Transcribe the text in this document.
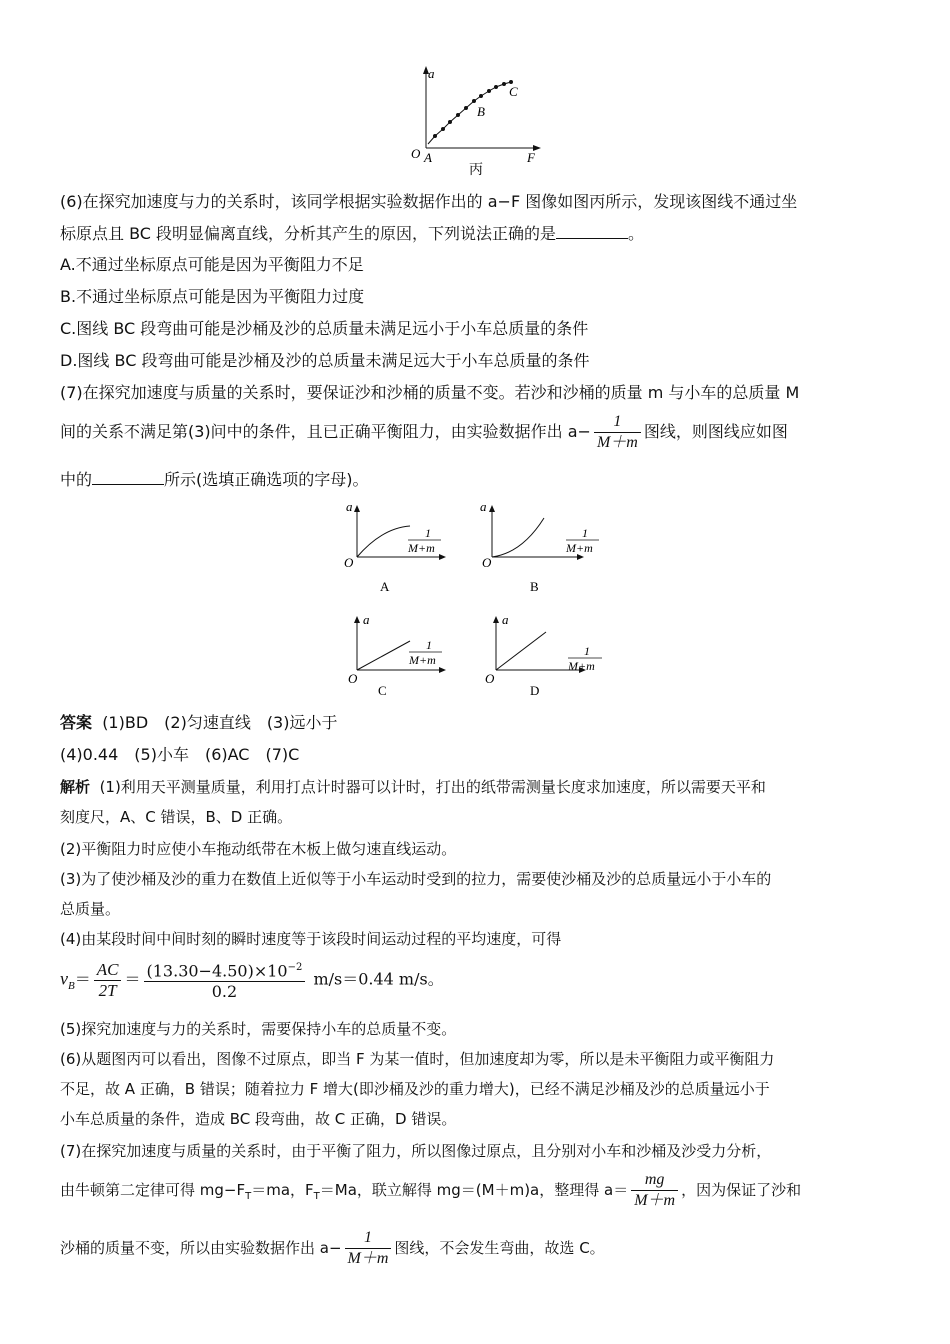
a
B
C
O A	F
丙
(6)在探究加速度与力的关系时，该同学根据实验数据作出的 a−F 图像如图丙所示，发现该图线不通过坐
标原点且 BC 段明显偏离直线，分析其产生的原因，下列说法正确的是	。
A.不通过坐标原点可能是因为平衡阻力不足
B.不通过坐标原点可能是因为平衡阻力过度
C.图线 BC 段弯曲可能是沙桶及沙的总质量未满足远小于小车总质量的条件
D.图线 BC 段弯曲可能是沙桶及沙的总质量未满足远大于小车总质量的条件
(7)在探究加速度与质量的关系时，要保证沙和沙桶的质量不变。若沙和沙桶的质量 m 与小车的总质量 M
间的关系不满足第(3)问中的条件，且已正确平衡阻力，由实验数据作出 $a- \frac{1}{M+m}$ 图线，则图线应如图
中的	所示(选填正确选项的字母)。
a
O
1
M+m
A
a
O
1
M+m
B
a
O
1
M+m
C
a
O
1
M+m
D
答案 (1)BD　(2)匀速直线　(3)远小于
(4)0.44　(5)小车　(6)AC　(7)C
解析 (1)利用天平测量质量，利用打点计时器可以计时，打出的纸带需测量长度求加速度，所以需要天平和
刻度尺，A、C 错误，B、D 正确。
(2)平衡阻力时应使小车拖动纸带在木板上做匀速直线运动。
(3)为了使沙桶及沙的重力在数值上近似等于小车运动时受到的拉力，需要使沙桶及沙的总质量远小于小车的
总质量。
(4)由某段时间中间时刻的瞬时速度等于该段时间运动过程的平均速度，可得
$v_B= \frac{AC}{2T} = \frac{(13.30-4.50)\times 10^{-2}}{0.2} m/s=0.44$ m/s。
(5)探究加速度与力的关系时，需要保持小车的总质量不变。
(6)从题图丙可以看出，图像不过原点，即当 F 为某一值时，但加速度却为零，所以是未平衡阻力或平衡阻力
不足，故 A 正确，B 错误；随着拉力 F 增大(即沙桶及沙的重力增大)，已经不满足沙桶及沙的总质量远小于
小车总质量的条件，造成 BC 段弯曲，故 C 正确，D 错误。
(7)在探究加速度与质量的关系时，由于平衡了阻力，所以图像过原点，且分别对小车和沙桶及沙受力分析，
由牛顿第二定律可得 $mg-F_T=ma$，$F_T=Ma$，联立解得 mg＝(M＋m)a，整理得 $a= \frac{mg}{M+m}$ ，因为保证了沙和
沙桶的质量不变，所以由实验数据作出 $a- \frac{1}{M+m}$ 图线，不会发生弯曲，故选 C。
